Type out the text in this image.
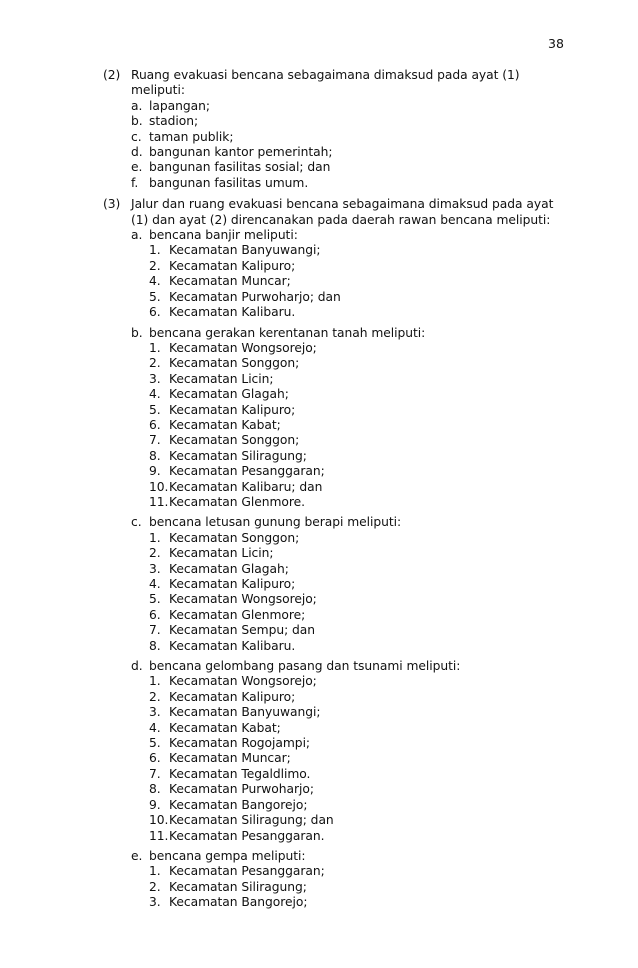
38
(2) Ruang evakuasi bencana sebagaimana dimaksud pada ayat (1) meliputi:
a. lapangan;
b. stadion;
c. taman publik;
d. bangunan kantor pemerintah;
e. bangunan fasilitas sosial; dan
f. bangunan fasilitas umum.
(3) Jalur dan ruang evakuasi bencana sebagaimana dimaksud pada ayat (1) dan ayat (2) direncanakan pada daerah rawan bencana meliputi:
a. bencana banjir meliputi:
1. Kecamatan Banyuwangi;
2. Kecamatan Kalipuro;
4. Kecamatan Muncar;
5. Kecamatan Purwoharjo; dan
6. Kecamatan Kalibaru.
b. bencana gerakan kerentanan tanah meliputi:
1. Kecamatan Wongsorejo;
2. Kecamatan Songgon;
3. Kecamatan Licin;
4. Kecamatan Glagah;
5. Kecamatan Kalipuro;
6. Kecamatan Kabat;
7. Kecamatan Songgon;
8. Kecamatan Siliragung;
9. Kecamatan Pesanggaran;
10. Kecamatan Kalibaru; dan
11. Kecamatan Glenmore.
c. bencana letusan gunung berapi meliputi:
1. Kecamatan Songgon;
2. Kecamatan Licin;
3. Kecamatan Glagah;
4. Kecamatan Kalipuro;
5. Kecamatan Wongsorejo;
6. Kecamatan Glenmore;
7. Kecamatan Sempu; dan
8. Kecamatan Kalibaru.
d. bencana gelombang pasang dan tsunami meliputi:
1. Kecamatan Wongsorejo;
2. Kecamatan Kalipuro;
3. Kecamatan Banyuwangi;
4. Kecamatan Kabat;
5. Kecamatan Rogojampi;
6. Kecamatan Muncar;
7. Kecamatan Tegaldlimo.
8. Kecamatan Purwoharjo;
9. Kecamatan Bangorejo;
10. Kecamatan Siliragung; dan
11. Kecamatan Pesanggaran.
e. bencana gempa meliputi:
1. Kecamatan Pesanggaran;
2. Kecamatan Siliragung;
3. Kecamatan Bangorejo;
